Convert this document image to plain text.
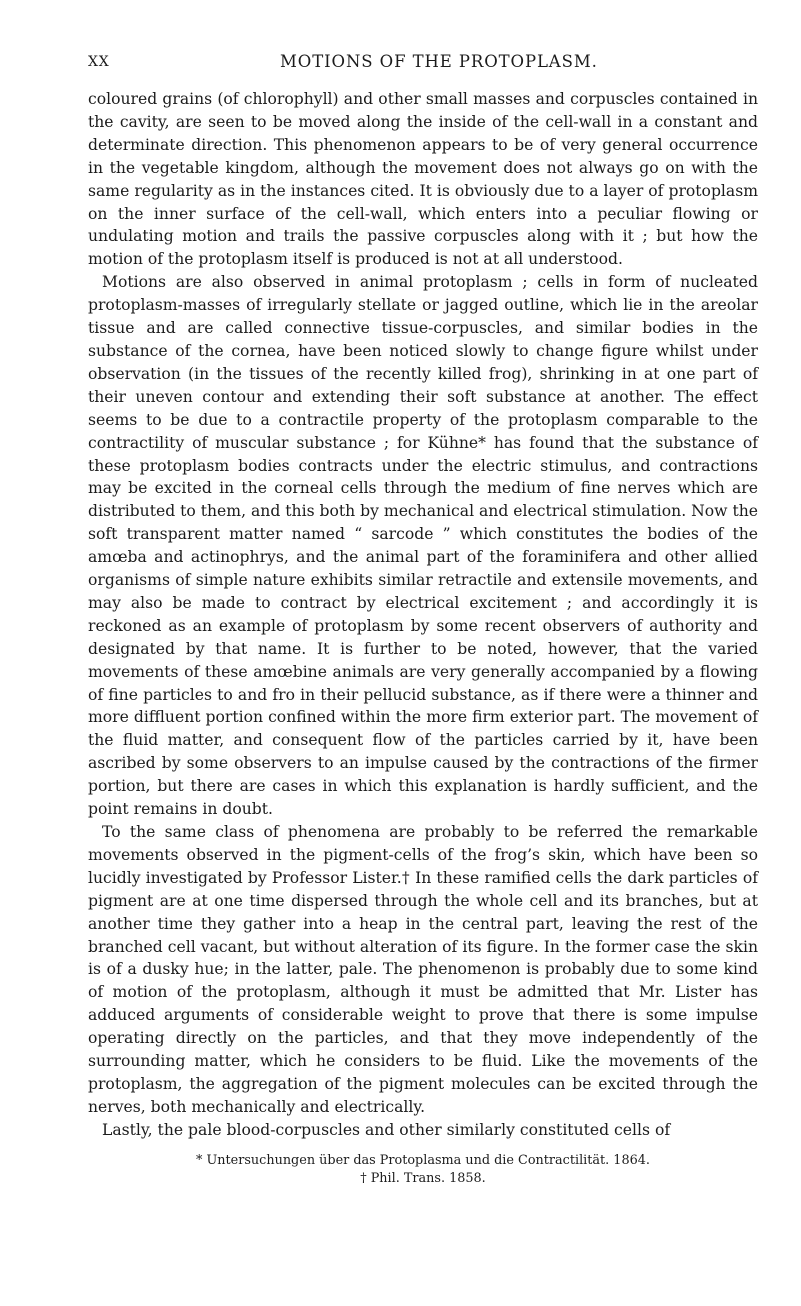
XX	MOTIONS OF THE PROTOPLASM.

coloured grains (of chlorophyll) and other small masses and corpuscles contained in the cavity, are seen to be moved along the inside of the cell-wall in a constant and determinate direction. This phenomenon appears to be of very general occurrence in the vegetable kingdom, although the movement does not always go on with the same regularity as in the instances cited. It is obviously due to a layer of protoplasm on the inner surface of the cell-wall, which enters into a peculiar flowing or undulating motion and trails the passive corpuscles along with it ; but how the motion of the protoplasm itself is produced is not at all understood.

Motions are also observed in animal protoplasm ; cells in form of nucleated protoplasm-masses of irregularly stellate or jagged outline, which lie in the areolar tissue and are called connective tissue-corpuscles, and similar bodies in the substance of the cornea, have been noticed slowly to change figure whilst under observation (in the tissues of the recently killed frog), shrinking in at one part of their uneven contour and extending their soft substance at another. The effect seems to be due to a contractile property of the protoplasm comparable to the contractility of muscular substance ; for Kühne* has found that the substance of these protoplasm bodies contracts under the electric stimulus, and contractions may be excited in the corneal cells through the medium of fine nerves which are distributed to them, and this both by mechanical and electrical stimulation. Now the soft transparent matter named “ sarcode ” which constitutes the bodies of the amœba and actinophrys, and the animal part of the foraminifera and other allied organisms of simple nature exhibits similar retractile and extensile movements, and may also be made to contract by electrical excitement ; and accordingly it is reckoned as an example of protoplasm by some recent observers of authority and designated by that name. It is further to be noted, however, that the varied movements of these amœbine animals are very generally accompanied by a flowing of fine particles to and fro in their pellucid substance, as if there were a thinner and more diffluent portion confined within the more firm exterior part. The movement of the fluid matter, and consequent flow of the particles carried by it, have been ascribed by some observers to an impulse caused by the contractions of the firmer portion, but there are cases in which this explanation is hardly sufficient, and the point remains in doubt.

To the same class of phenomena are probably to be referred the remarkable movements observed in the pigment-cells of the frog’s skin, which have been so lucidly investigated by Professor Lister.† In these ramified cells the dark particles of pigment are at one time dispersed through the whole cell and its branches, but at another time they gather into a heap in the central part, leaving the rest of the branched cell vacant, but without alteration of its figure. In the former case the skin is of a dusky hue; in the latter, pale. The phenomenon is probably due to some kind of motion of the protoplasm, although it must be admitted that Mr. Lister has adduced arguments of considerable weight to prove that there is some impulse operating directly on the particles, and that they move independently of the surrounding matter, which he considers to be fluid. Like the movements of the protoplasm, the aggregation of the pigment molecules can be excited through the nerves, both mechanically and electrically.

Lastly, the pale blood-corpuscles and other similarly constituted cells of

* Untersuchungen über das Protoplasma und die Contractilität. 1864.
† Phil. Trans. 1858.
